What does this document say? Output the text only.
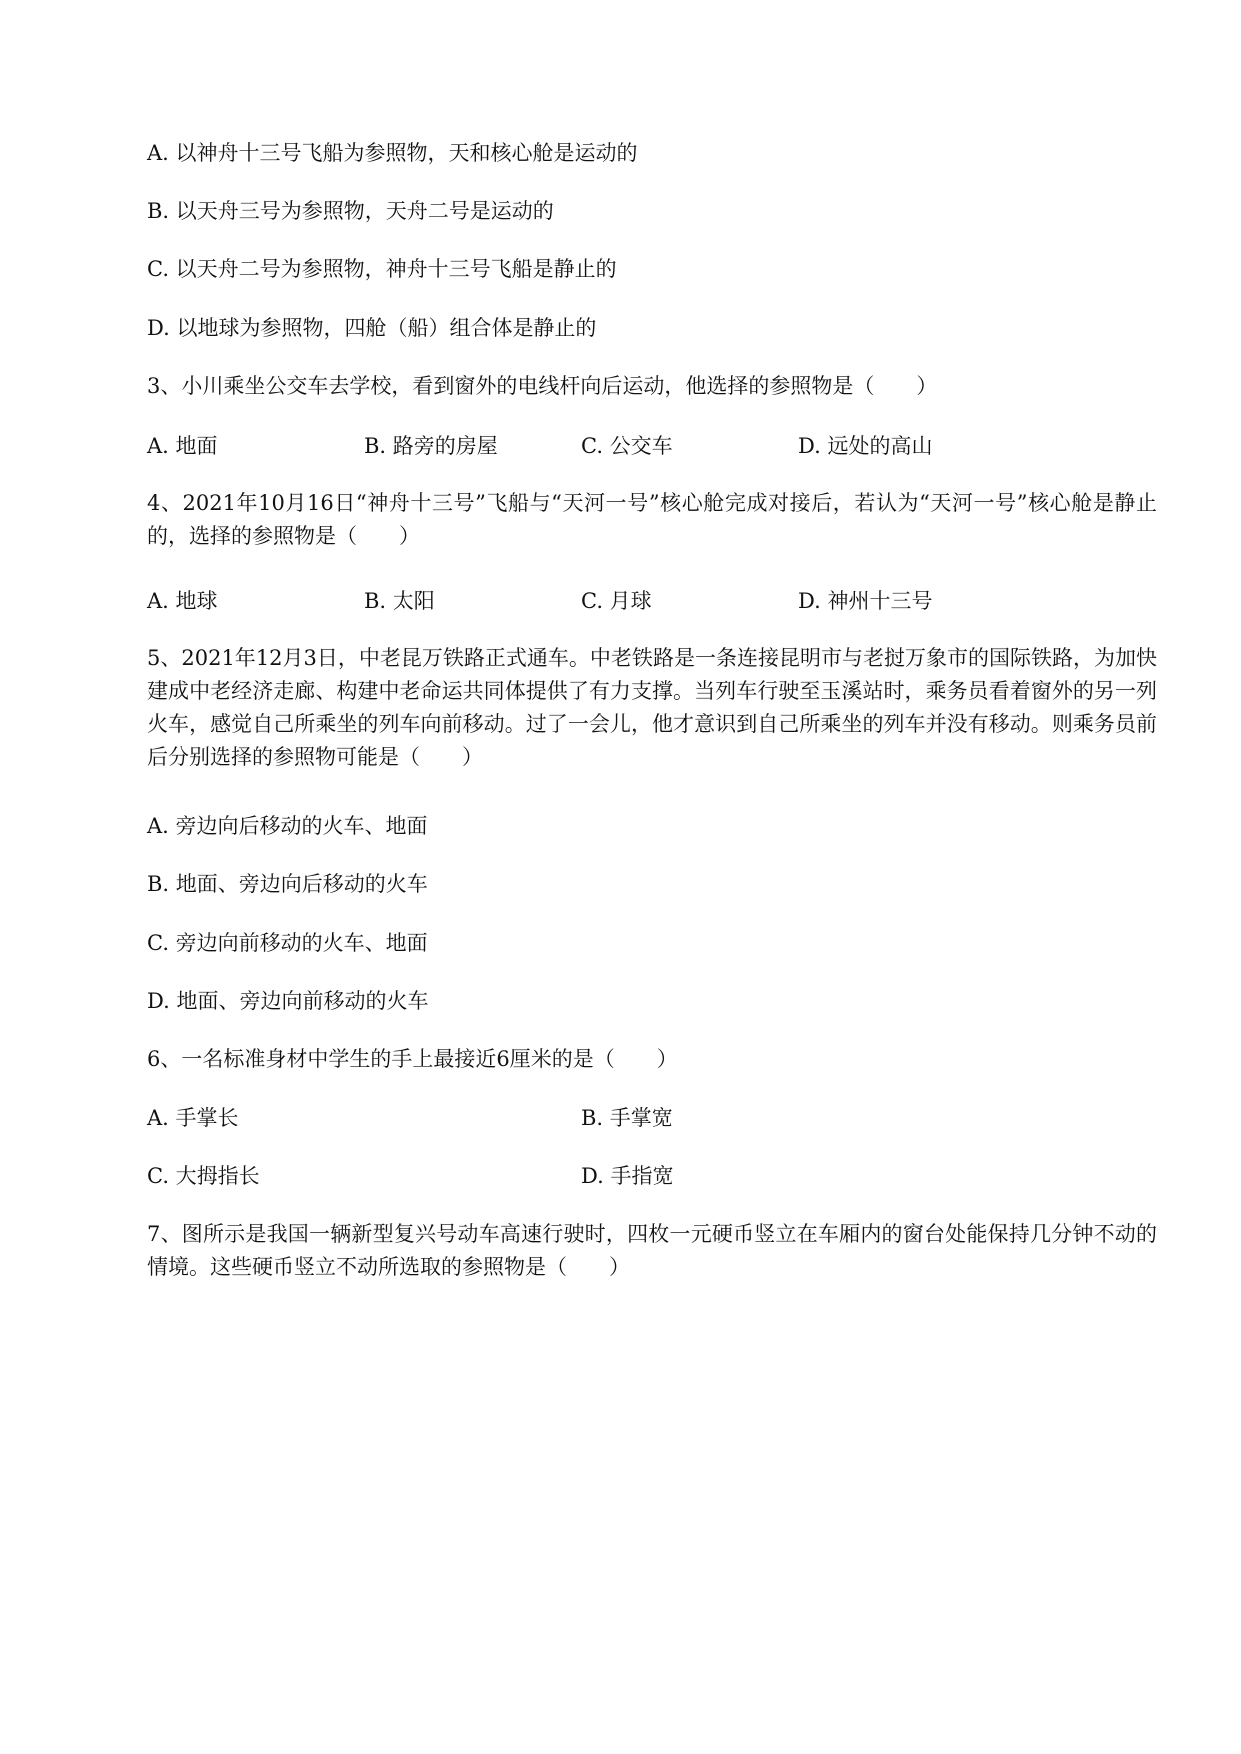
A. 以神舟十三号飞船为参照物，天和核心舱是运动的
B. 以天舟三号为参照物，天舟二号是运动的
C. 以天舟二号为参照物，神舟十三号飞船是静止的
D. 以地球为参照物，四舱（船）组合体是静止的
3、小川乘坐公交车去学校，看到窗外的电线杆向后运动，他选择的参照物是（　　）
A. 地面	B. 路旁的房屋	C. 公交车	D. 远处的高山
4、2021年10月16日“神舟十三号”飞船与“天河一号”核心舱完成对接后，若认为“天河一号”核心舱是静止的，选择的参照物是（　　）
A. 地球	B. 太阳	C. 月球	D. 神州十三号
5、2021年12月3日，中老昆万铁路正式通车。中老铁路是一条连接昆明市与老挝万象市的国际铁路，为加快建成中老经济走廊、构建中老命运共同体提供了有力支撑。当列车行驶至玉溪站时，乘务员看着窗外的另一列火车，感觉自己所乘坐的列车向前移动。过了一会儿，他才意识到自己所乘坐的列车并没有移动。则乘务员前后分别选择的参照物可能是（　　）
A. 旁边向后移动的火车、地面
B. 地面、旁边向后移动的火车
C. 旁边向前移动的火车、地面
D. 地面、旁边向前移动的火车
6、一名标准身材中学生的手上最接近6厘米的是（　　）
A. 手掌长	B. 手掌宽
C. 大拇指长	D. 手指宽
7、图所示是我国一辆新型复兴号动车高速行驶时，四枚一元硬币竖立在车厢内的窗台处能保持几分钟不动的情境。这些硬币竖立不动所选取的参照物是（　　）
